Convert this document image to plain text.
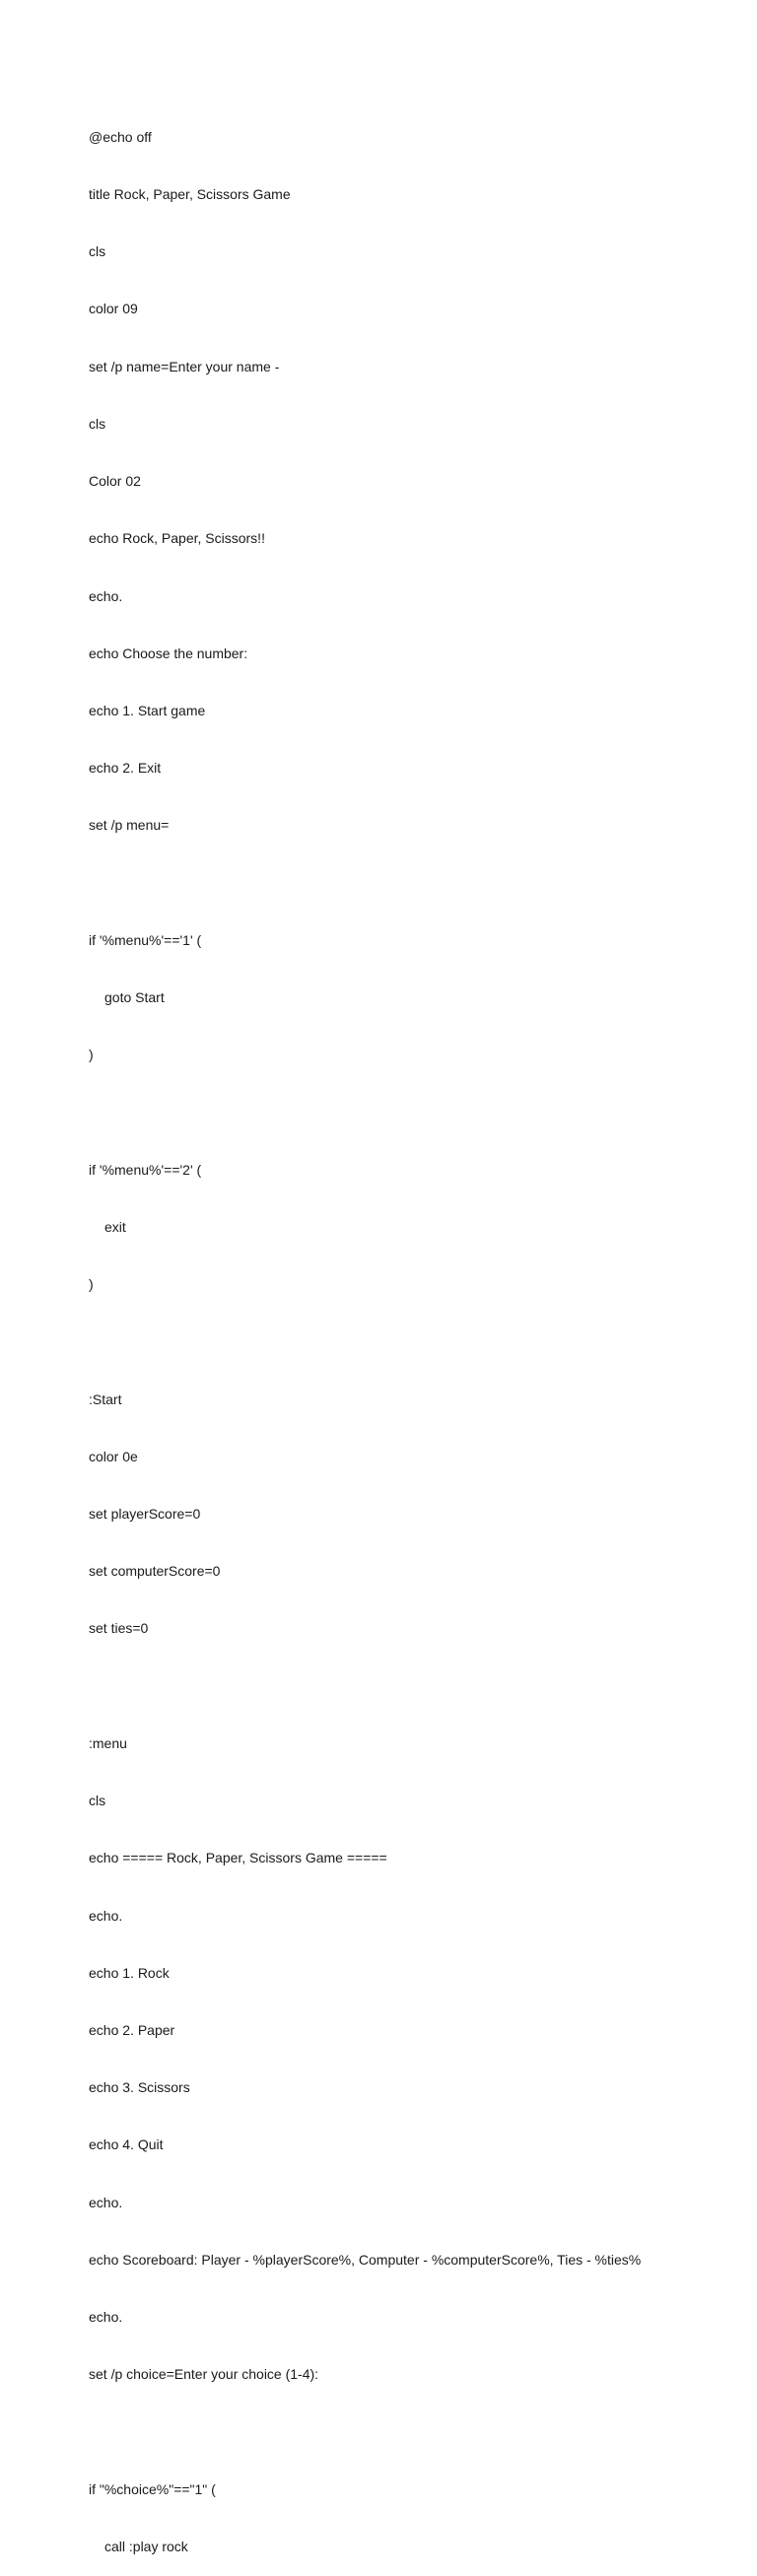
@echo off

title Rock, Paper, Scissors Game

cls

color 09

set /p name=Enter your name -

cls

Color 02

echo Rock, Paper, Scissors!!

echo.

echo Choose the number:

echo 1. Start game

echo 2. Exit

set /p menu=

if '%menu%'=='1' (

goto Start

)

if '%menu%'=='2' (

exit

)

:Start

color 0e

set playerScore=0

set computerScore=0

set ties=0

:menu

cls

echo ===== Rock, Paper, Scissors Game =====

echo.

echo 1. Rock

echo 2. Paper

echo 3. Scissors

echo 4. Quit

echo.

echo Scoreboard: Player - %playerScore%, Computer - %computerScore%, Ties - %ties%

echo.

set /p choice=Enter your choice (1-4):

if "%choice%"=="1" (

call :play rock
